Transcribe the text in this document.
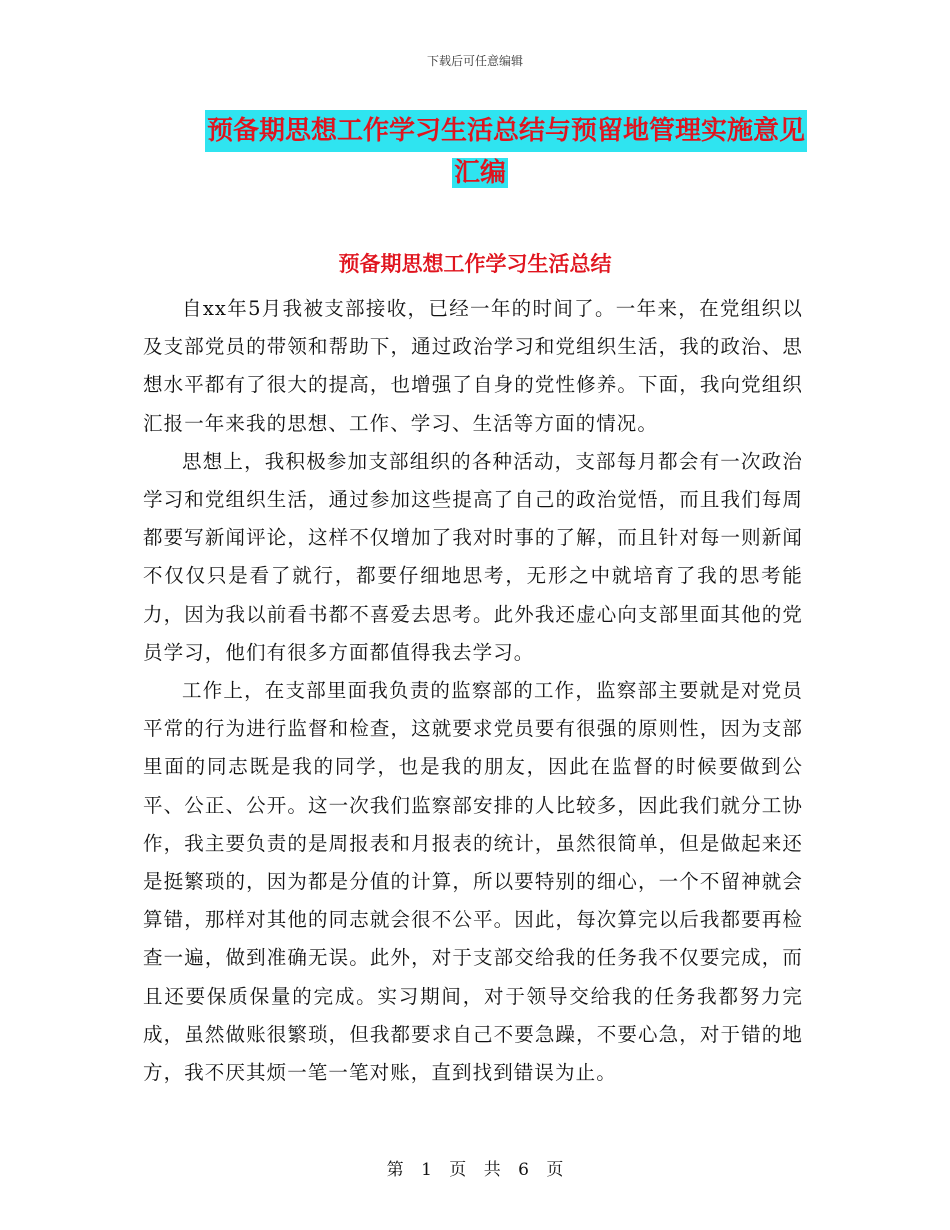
下载后可任意编辑
预备期思想工作学习生活总结与预留地管理实施意见
汇编
预备期思想工作学习生活总结

自xx年5月我被支部接收，已经一年的时间了。一年来，在党组织以及支部党员的带领和帮助下，通过政治学习和党组织生活，我的政治、思想水平都有了很大的提高，也增强了自身的党性修养。下面，我向党组织汇报一年来我的思想、工作、学习、生活等方面的情况。

思想上，我积极参加支部组织的各种活动，支部每月都会有一次政治学习和党组织生活，通过参加这些提高了自己的政治觉悟，而且我们每周都要写新闻评论，这样不仅增加了我对时事的了解，而且针对每一则新闻不仅仅只是看了就行，都要仔细地思考，无形之中就培育了我的思考能力，因为我以前看书都不喜爱去思考。此外我还虚心向支部里面其他的党员学习，他们有很多方面都值得我去学习。

工作上，在支部里面我负责的监察部的工作，监察部主要就是对党员平常的行为进行监督和检查，这就要求党员要有很强的原则性，因为支部里面的同志既是我的同学，也是我的朋友，因此在监督的时候要做到公平、公正、公开。这一次我们监察部安排的人比较多，因此我们就分工协作，我主要负责的是周报表和月报表的统计，虽然很简单，但是做起来还是挺繁琐的，因为都是分值的计算，所以要特别的细心，一个不留神就会算错，那样对其他的同志就会很不公平。因此，每次算完以后我都要再检查一遍，做到准确无误。此外，对于支部交给我的任务我不仅要完成，而且还要保质保量的完成。实习期间，对于领导交给我的任务我都努力完成，虽然做账很繁琐，但我都要求自己不要急躁，不要心急，对于错的地方，我不厌其烦一笔一笔对账，直到找到错误为止。

第 1 页 共 6 页
